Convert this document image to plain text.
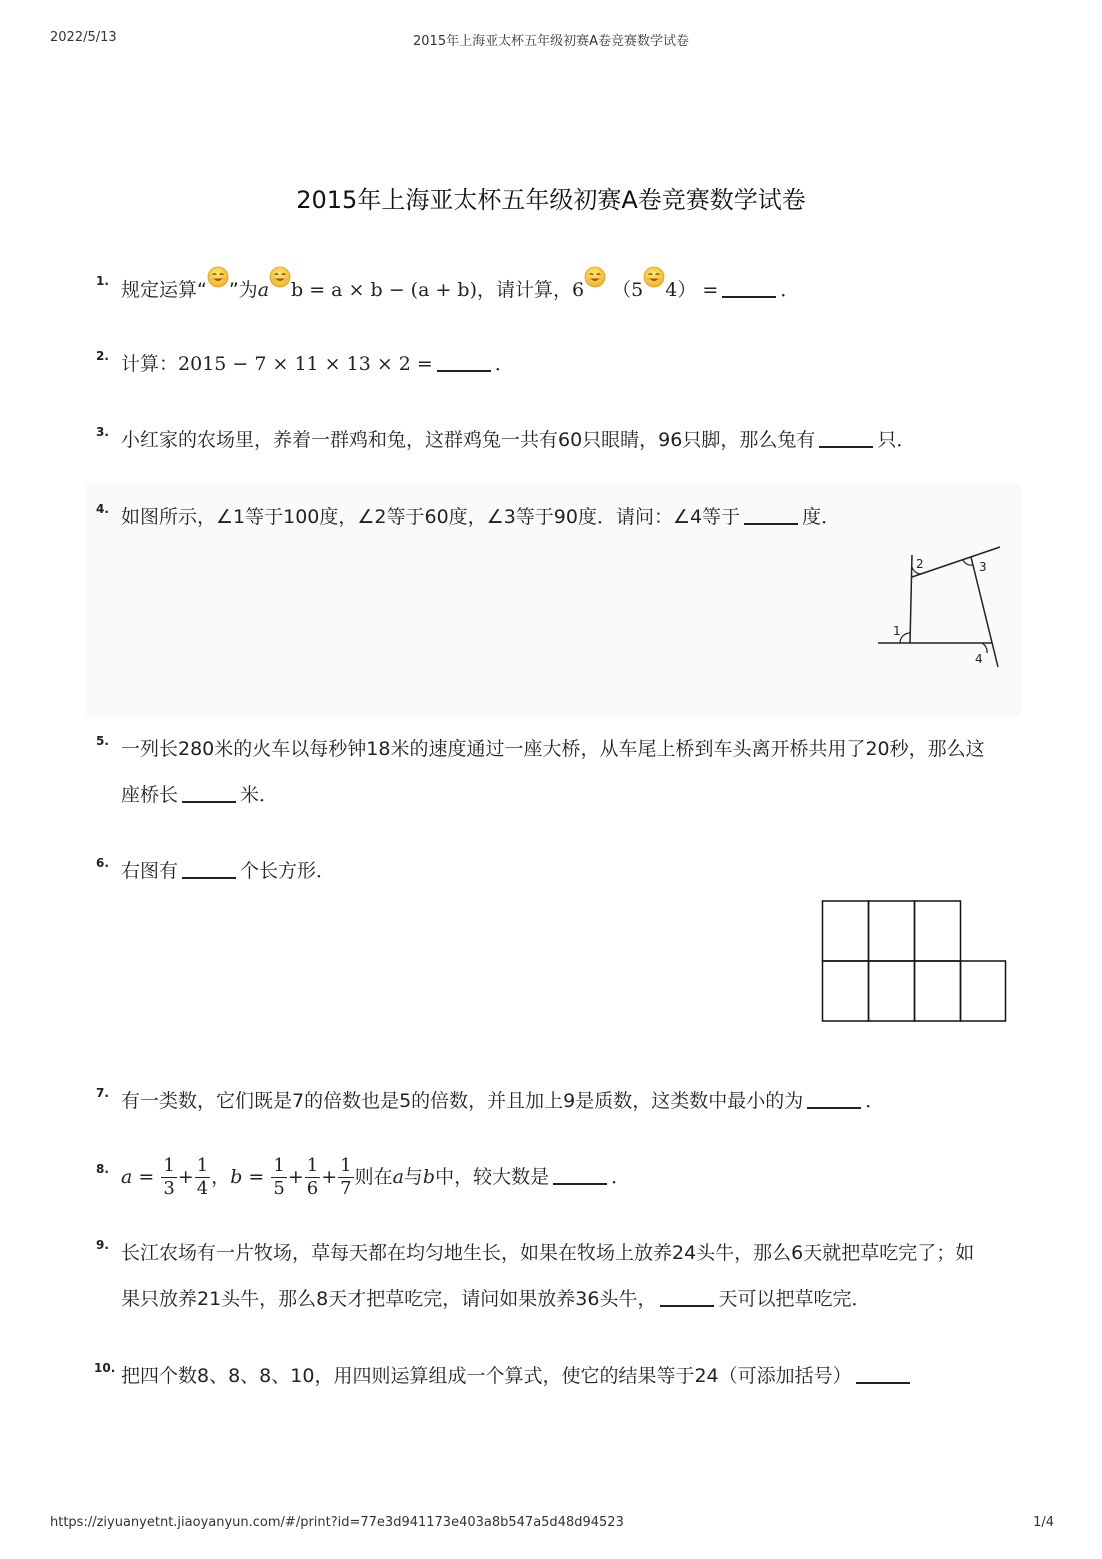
2022/5/13	2015年上海亚太杯五年级初赛A卷竞赛数学试卷
https://ziyuanyetnt.jiaoyanyun.com/#/print?id=77e3d941173e403a8b547a5d48d94523	1/4
2015年上海亚太杯五年级初赛A卷竞赛数学试卷
1. 规定运算“ ”为a b = a × b − (a + b)，请计算，6 （5 4） =	．
2. 计算：2015 − 7 × 11 × 13 × 2 =	．
3. 小红家的农场里，养着一群鸡和兔，这群鸡兔一共有60只眼睛，96只脚，那么兔有	只．
4. 如图所示，∠1等于100度，∠2等于60度，∠3等于90度．请问：∠4等于	度．
1
2	3
4
5. 一列长280米的火车以每秒钟18米的速度通过一座大桥，从车尾上桥到车头离开桥共用了20秒，那么这
座桥长	米．
6. 右图有	个长方形．
7. 有一类数，它们既是7的倍数也是5的倍数，并且加上9是质数，这类数中最小的为	．
8. $a = \frac{1}{3} + \frac{1}{4}$ ，$b = \frac{1}{5} + \frac{1}{6} + \frac{1}{7}$ 则在a与b中，较大数是	．
9. 长江农场有一片牧场，草每天都在均匀地生长，如果在牧场上放养24头牛，那么6天就把草吃完了；如
果只放养21头牛，那么8天才把草吃完，请问如果放养36头牛，	天可以把草吃完．
10. 把四个数8、8、8、10，用四则运算组成一个算式，使它的结果等于24（可添加括号）
